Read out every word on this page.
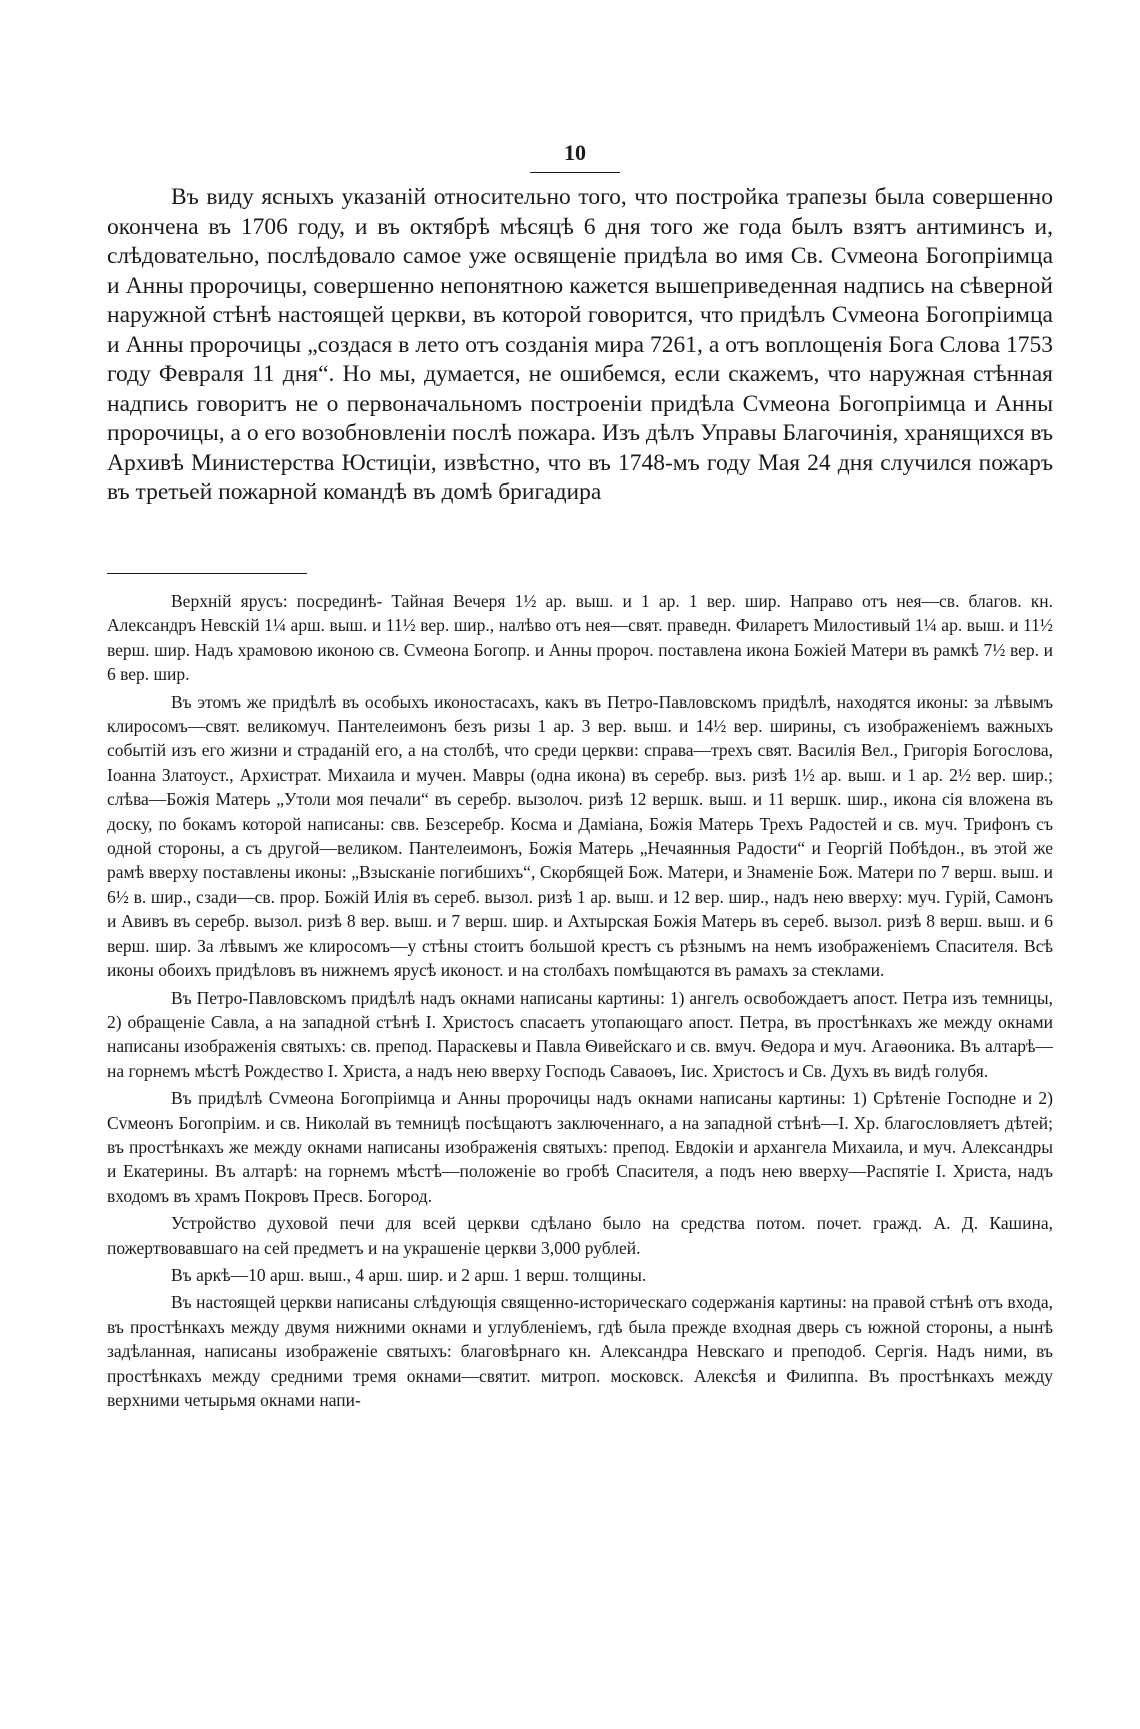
10

Въ виду ясныхъ указаній относительно того, что постройка трапезы была совершенно окончена въ 1706 году, и въ октябрѣ мѣсяцѣ 6 дня того же года былъ взятъ антиминсъ и, слѣдовательно, послѣдовало самое уже освященіе придѣла во имя Св. Сvмеона Богопріимца и Анны пророчицы, совершенно непонятною кажется вышеприведенная надпись на сѣверной наружной стѣнѣ настоящей церкви, въ которой говорится, что придѣлъ Сvмеона Богопріимца и Анны пророчицы „создася в лето отъ созданія мира 7261, а отъ воплощенія Бога Слова 1753 году Февраля 11 дня“. Но мы, думается, не ошибемся, если скажемъ, что наружная стѣнная надпись говоритъ не о первоначальномъ построеніи придѣла Сvмеона Богопріимца и Анны пророчицы, а о его возобновленіи послѣ пожара. Изъ дѣлъ Управы Благочинія, хранящихся въ Архивѣ Министерства Юстиціи, извѣстно, что въ 1748-мъ году Мая 24 дня случился пожаръ въ третьей пожарной командѣ въ домѣ бригадира

Верхній ярусъ: посрединѣ- Тайная Вечеря 1½ ар. выш. и 1 ар. 1 вер. шир. Направо отъ нея—св. благов. кн. Александръ Невскій 1¼ арш. выш. и 11½ вер. шир., налѣво отъ нея—свят. праведн. Филаретъ Милостивый 1¼ ар. выш. и 11½ верш. шир. Надъ храмовою иконою св. Сvмеона Богопр. и Анны пророч. поставлена икона Божіей Матери въ рамкѣ 7½ вер. и 6 вер. шир.

Въ этомъ же придѣлѣ въ особыхъ иконостасахъ, какъ въ Петро-Павловскомъ придѣлѣ, находятся иконы: за лѣвымъ клиросомъ—свят. великомуч. Пантелеимонъ безъ ризы 1 ар. 3 вер. выш. и 14½ вер. ширины, съ изображеніемъ важныхъ событій изъ его жизни и страданій его, а на столбѣ, что среди церкви: справа—трехъ свят. Василія Вел., Григорія Богослова, Іоанна Златоуст., Архистрат. Михаила и мучен. Мавры (одна икона) въ серебр. выз. ризѣ 1½ ар. выш. и 1 ар. 2½ вер. шир.; слѣва—Божія Матерь „Утоли моя печали“ въ серебр. вызолоч. ризѣ 12 вершк. выш. и 11 вершк. шир., икона сія вложена въ доску, по бокамъ которой написаны: свв. Безсеребр. Косма и Даміана, Божія Матерь Трехъ Радостей и св. муч. Трифонъ съ одной стороны, а съ другой—великом. Пантелеимонъ, Божія Матерь „Нечаянныя Радости“ и Георгій Побѣдон., въ этой же рамѣ вверху поставлены иконы: „Взысканіе погибшихъ“, Скорбящей Бож. Матери, и Знаменіе Бож. Матери по 7 верш. выш. и 6½ в. шир., сзади—св. прор. Божій Илія въ сереб. вызол. ризѣ 1 ар. выш. и 12 вер. шир., надъ нею вверху: муч. Гурій, Самонъ и Авивъ въ серебр. вызол. ризѣ 8 вер. выш. и 7 верш. шир. и Ахтырская Божія Матерь въ сереб. вызол. ризѣ 8 верш. выш. и 6 верш. шир. За лѣвымъ же клиросомъ—у стѣны стоитъ большой крестъ съ рѣзнымъ на немъ изображеніемъ Спасителя. Всѣ иконы обоихъ придѣловъ въ нижнемъ ярусѣ иконост. и на столбахъ помѣщаются въ рамахъ за стеклами.

Въ Петро-Павловскомъ придѣлѣ надъ окнами написаны картины: 1) ангелъ освобождаетъ апост. Петра изъ темницы, 2) обращеніе Савла, а на западной стѣнѣ І. Христосъ спасаетъ утопающаго апост. Петра, въ простѣнкахъ же между окнами написаны изображенія святыхъ: св. препод. Параскевы и Павла Ѳивейскаго и св. вмуч. Ѳедора и муч. Агаѳоника. Въ алтарѣ—на горнемъ мѣстѣ Рождество І. Христа, а надъ нею вверху Господь Саваоѳъ, Іис. Христосъ и Св. Духъ въ видѣ голубя.

Въ придѣлѣ Сvмеона Богопріимца и Анны пророчицы надъ окнами написаны картины: 1) Срѣтеніе Господне и 2) Сvмеонъ Богопрiим. и св. Николай въ темницѣ посѣщаютъ заключеннаго, а на западной стѣнѣ—І. Хр. благословляетъ дѣтей; въ простѣнкахъ же между окнами написаны изображенія святыхъ: препод. Евдокіи и архангела Михаила, и муч. Александры и Екатерины. Въ алтарѣ: на горнемъ мѣстѣ—положеніе во гробѣ Спасителя, а подъ нею вверху—Распятіе І. Христа, надъ входомъ въ храмъ Покровъ Пресв. Богород.

Устройство духовой печи для всей церкви сдѣлано было на средства потом. почет. гражд. А. Д. Кашина, пожертвовавшаго на сей предметъ и на украшеніе церкви 3,000 рублей.

Въ аркѣ—10 арш. выш., 4 арш. шир. и 2 арш. 1 верш. толщины.

Въ настоящей церкви написаны слѣдующія священно-историческаго содержанія картины: на правой стѣнѣ отъ входа, въ простѣнкахъ между двумя нижними окнами и углубленіемъ, гдѣ была прежде входная дверь съ южной стороны, а нынѣ задѣланная, написаны изображеніе святыхъ: благовѣрнаго кн. Александра Невскаго и преподоб. Сергія. Надъ ними, въ простѣнкахъ между средними тремя окнами—святит. митроп. московск. Алексѣя и Филиппа. Въ простѣнкахъ между верхними четырьмя окнами напи-
